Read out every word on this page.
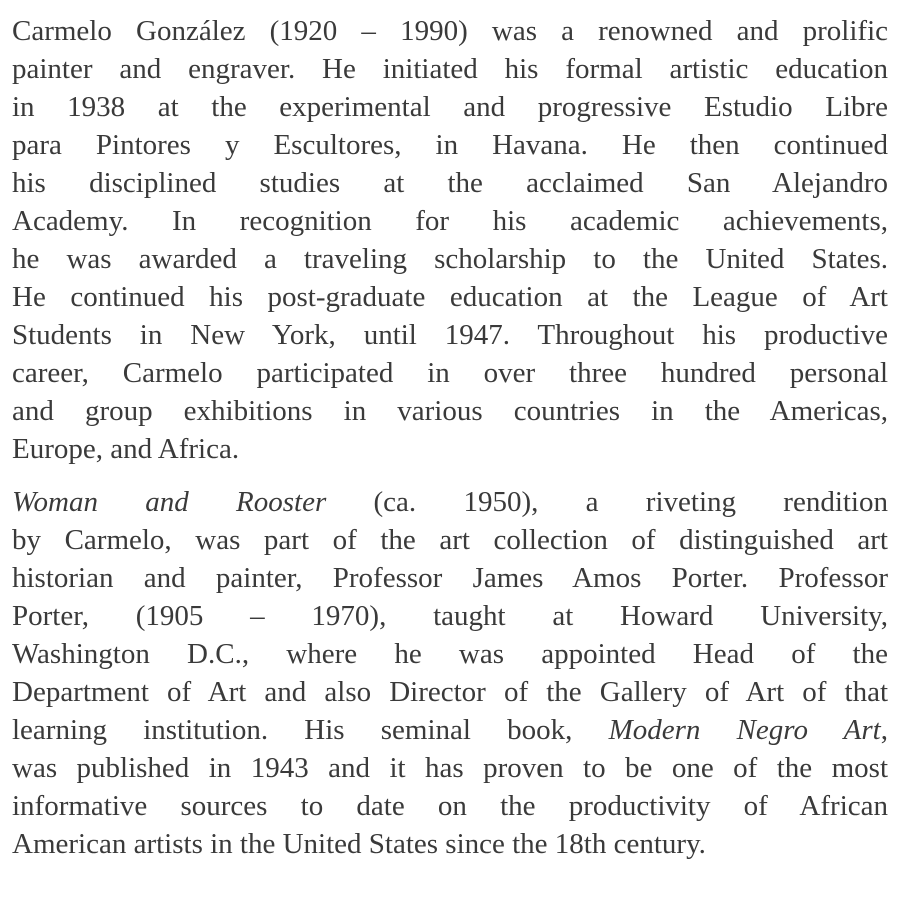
Carmelo González (1920 – 1990) was a renowned and prolific
painter and engraver. He initiated his formal artistic education
in 1938 at the experimental and progressive Estudio Libre
para Pintores y Escultores, in Havana. He then continued
his disciplined studies at the acclaimed San Alejandro
Academy. In recognition for his academic achievements,
he was awarded a traveling scholarship to the United States.
He continued his post-graduate education at the League of Art
Students in New York, until 1947. Throughout his productive
career, Carmelo participated in over three hundred personal
and group exhibitions in various countries in the Americas,
Europe, and Africa.
Woman and Rooster (ca. 1950), a riveting rendition
by Carmelo, was part of the art collection of distinguished art
historian and painter, Professor James Amos Porter. Professor
Porter, (1905 – 1970), taught at Howard University,
Washington D.C., where he was appointed Head of the
Department of Art and also Director of the Gallery of Art of that
learning institution. His seminal book, Modern Negro Art,
was published in 1943 and it has proven to be one of the most
informative sources to date on the productivity of African
American artists in the United States since the 18th century.
